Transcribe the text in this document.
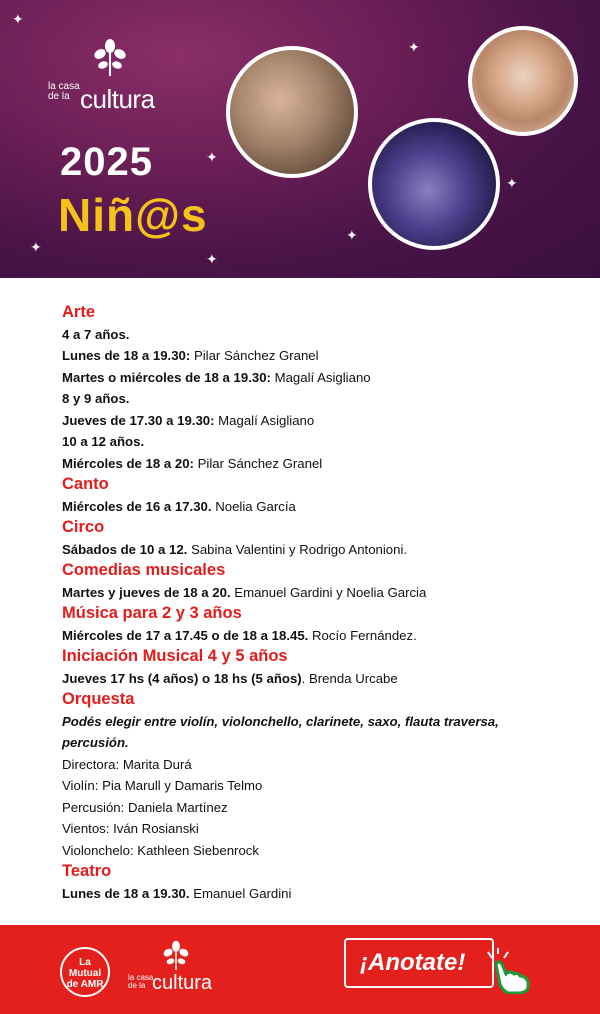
✦
✦
✦
✦
✦
✦
✦
la casa
de la cultura
2025
Niñ@s
Arte
4 a 7 años.
Lunes de 18 a 19.30: Pilar Sánchez Granel
Martes o miércoles de 18 a 19.30: Magalí Asigliano
8 y 9 años.
Jueves de 17.30 a 19.30: Magalí Asigliano
10 a 12 años.
Miércoles de 18 a 20: Pilar Sánchez Granel
Canto
Miércoles de 16 a 17.30. Noelia García
Circo
Sábados de 10 a 12. Sabina Valentini y Rodrigo Antonioni.
Comedias musicales
Martes y jueves de 18 a 20. Emanuel Gardini y Noelia Garcia
Música para 2 y 3 años
Miércoles de 17 a 17.45 o de 18 a 18.45. Rocío Fernández.
Iniciación Musical 4 y 5 años
Jueves 17 hs (4 años) o 18 hs (5 años). Brenda Urcabe
Orquesta
Podés elegir entre violín, violonchello, clarinete, saxo, flauta traversa,
percusión.
Directora: Marita Durá
Violín: Pia Marull y Damaris Telmo
Percusión: Daniela Martínez
Vientos: Iván Rosianski
Violonchelo: Kathleen Siebenrock
Teatro
Lunes de 18 a 19.30. Emanuel Gardini
La
Mutual
de AMR
la casa
de la cultura
¡Anotate!
